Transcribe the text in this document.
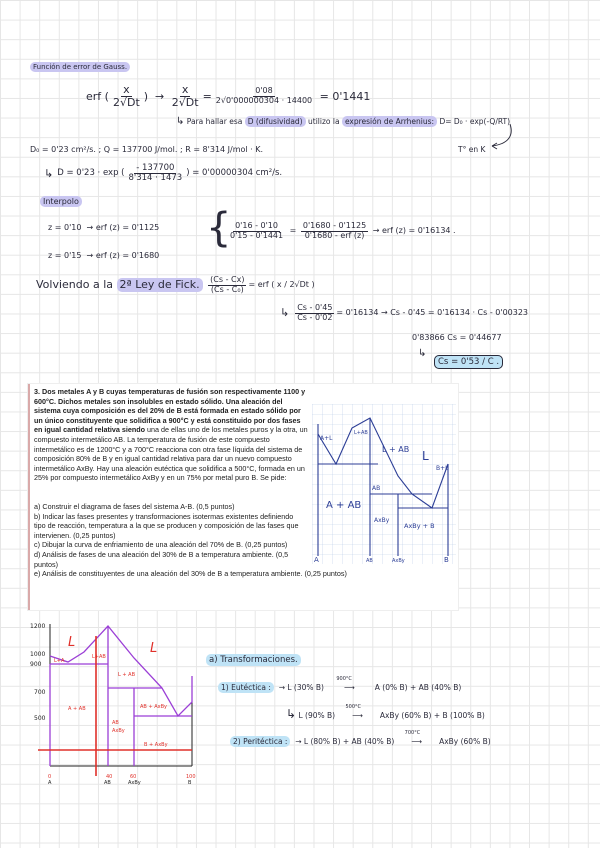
Función de error de Gauss.
erf ( $\frac{x}{2√Dt}$ )  → $\frac{x}{2√Dt} = \frac{0'08}{2√0'000000304 \cdot 14400}$
= 0'1441
↳ Para hallar esa D (difusividad) utilizo la expresión de Arrhenius: D= D₀ · exp(-Q/RT)
T° en K
D₀ = 0'23 cm²/s. ; Q = 137700 J/mol. ; R = 8'314 J/mol · K.
↳ D = 0'23 · exp ( $\frac{- 137700}{8'314 \cdot 1473}$ ) = 0'00000304 cm²/s.
Interpolo
z = 0'10  → erf (z) = 0'1125
z = 0'15  → erf (z) = 0'1680
{
$\frac{0'16 - 0'10}{0'15 - 0'1441} = \frac{0'1680 - 0'1125}{\text{0'1680 - erf (z)}}$ → erf (z) = 0'16134 .
Volviendo a la
2ª Ley de Fick.
	$\frac{(Cs - Cx)}{\text{(Cs - C₀)}}$ = erf ( x / 2√Dt )
↳ $\frac{Cs - 0'45}{Cs - 0'02} = 0'16134 \to Cs - 0'45 = 0'16134 \cdot Cs - 0'00323$
0'83866 Cs = 0'44677
↳
Cs = 0'53 / C .
3. Dos metales A y B cuyas temperaturas de fusión son respectivamente 1100 y 600°C. Dichos metales son insolubles en estado sólido. Una aleación del sistema cuya composición es del 20% de B está formada en estado sólido por un único constituyente que solidifica a 900°C y está constituido por dos fases en igual cantidad relativa siendo una de ellas uno de los metales puros y la otra, un compuesto intermetálico AB. La temperatura de fusión de este compuesto intermetálico es de 1200°C y a 700°C reacciona con otra fase líquida del sistema de composición 80% de B y en igual cantidad relativa para dar un nuevo compuesto intermetálico AxBy. Hay una aleación eutéctica que solidifica a 500°C, formada en un 25% por compuesto intermetálico AxBy y en un 75% por metal puro B. Se pide:
a) Construir el diagrama de fases del sistema A-B. (0,5 puntos)
b) Indicar las fases presentes y transformaciones isotermas existentes definiendo tipo de reacción, temperatura a la que se producen y composición de las fases que intervienen. (0,25 puntos)
c) Dibujar la curva de enfriamiento de una aleación del 70% de B. (0,25 puntos)
d) Análisis de fases de una aleación del 30% de B a temperatura ambiente. (0,5 puntos)
e) Análisis de constituyentes de una aleación del 30% de B a temperatura ambiente. (0,25 puntos)
A+L
L+AB
L + AB L
B+L
A + AB
AB
AxBy
AxBy + B
A	AB	AxBy	B
1200
1000
900
700
500
L	L
L+AB
L+A
L + AB
A + AB	AB + AxBy
AB
AxBy
B + AxBy
0	40	60	100
A	AB	AxBy	B
a) Transformaciones.
1) Eutéctica :  → L (30% B)
900°C
⟶	A (0% B) + AB (40% B)
↳ L (90% B)
500°C
⟶ AxBy (60% B) + B (100% B)
2) Peritéctica :  → L (80% B) + AB (40% B)
700°C
⟶ AxBy (60% B)
